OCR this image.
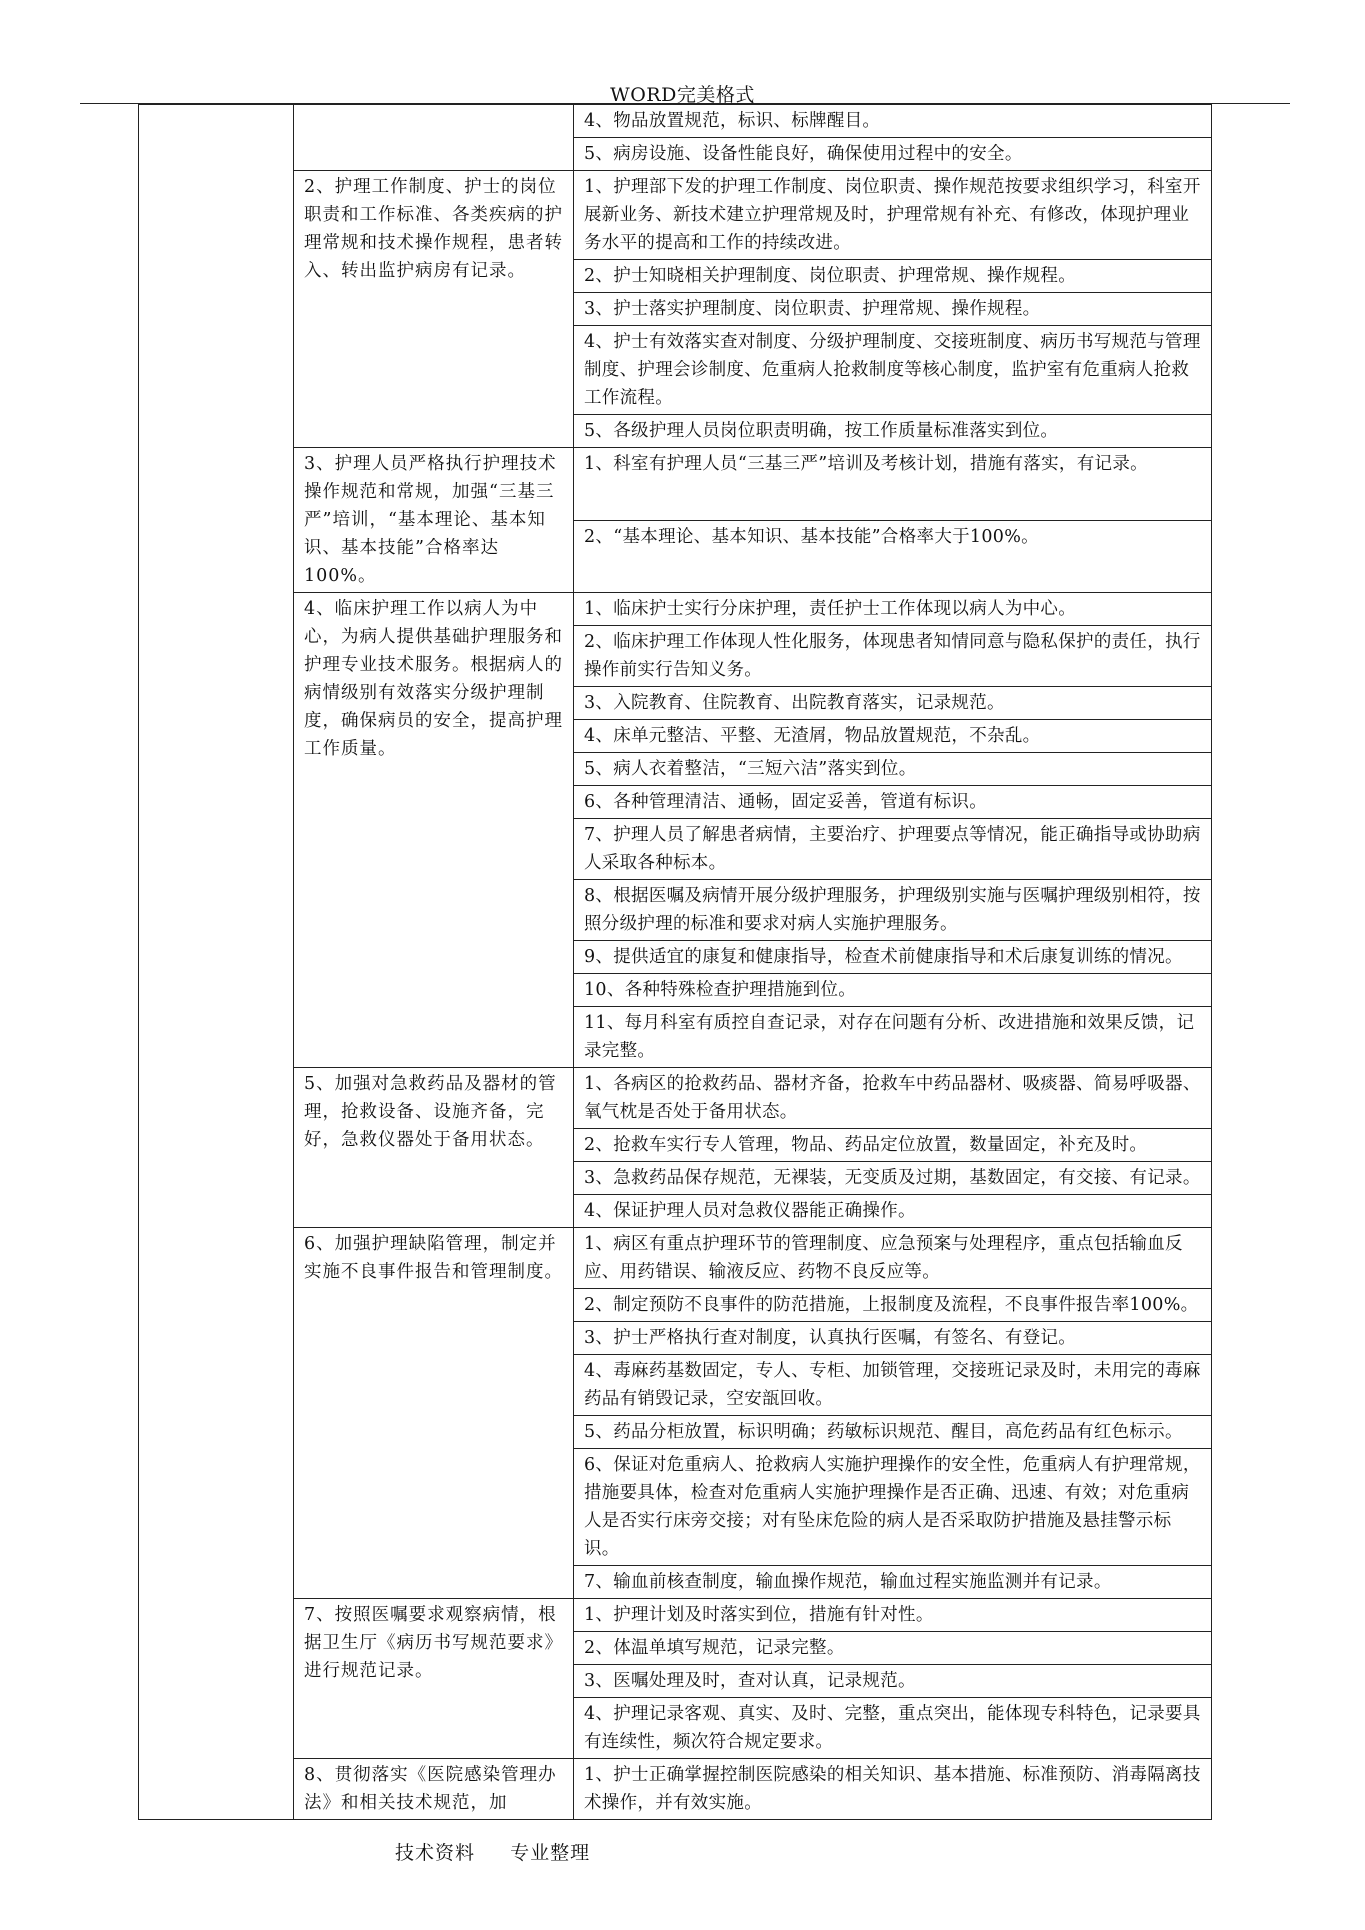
WORD完美格式
		4、物品放置规范，标识、标牌醒目。
		5、病房设施、设备性能良好，确保使用过程中的安全。
	2、护理工作制度、护士的岗位职责和工作标准、各类疾病的护理常规和技术操作规程，患者转入、转出监护病房有记录。	1、护理部下发的护理工作制度、岗位职责、操作规范按要求组织学习，科室开展新业务、新技术建立护理常规及时，护理常规有补充、有修改，体现护理业务水平的提高和工作的持续改进。
		2、护士知晓相关护理制度、岗位职责、护理常规、操作规程。
		3、护士落实护理制度、岗位职责、护理常规、操作规程。
		4、护士有效落实查对制度、分级护理制度、交接班制度、病历书写规范与管理制度、护理会诊制度、危重病人抢救制度等核心制度，监护室有危重病人抢救工作流程。
		5、各级护理人员岗位职责明确，按工作质量标准落实到位。
	3、护理人员严格执行护理技术操作规范和常规，加强“三基三严”培训，“基本理论、基本知识、基本技能”合格率达100%。	1、科室有护理人员“三基三严”培训及考核计划，措施有落实，有记录。
		2、“基本理论、基本知识、基本技能”合格率大于100%。
	4、临床护理工作以病人为中心，为病人提供基础护理服务和护理专业技术服务。根据病人的病情级别有效落实分级护理制度，确保病员的安全，提高护理工作质量。	1、临床护士实行分床护理，责任护士工作体现以病人为中心。
		2、临床护理工作体现人性化服务，体现患者知情同意与隐私保护的责任，执行操作前实行告知义务。
		3、入院教育、住院教育、出院教育落实，记录规范。
		4、床单元整洁、平整、无渣屑，物品放置规范，不杂乱。
		5、病人衣着整洁，“三短六洁”落实到位。
		6、各种管理清洁、通畅，固定妥善，管道有标识。
		7、护理人员了解患者病情，主要治疗、护理要点等情况，能正确指导或协助病人采取各种标本。
		8、根据医嘱及病情开展分级护理服务，护理级别实施与医嘱护理级别相符，按照分级护理的标准和要求对病人实施护理服务。
		9、提供适宜的康复和健康指导，检查术前健康指导和术后康复训练的情况。
		10、各种特殊检查护理措施到位。
		11、每月科室有质控自查记录，对存在问题有分析、改进措施和效果反馈，记录完整。
	5、加强对急救药品及器材的管理，抢救设备、设施齐备，完好，急救仪器处于备用状态。	1、各病区的抢救药品、器材齐备，抢救车中药品器材、吸痰器、简易呼吸器、氧气枕是否处于备用状态。
		2、抢救车实行专人管理，物品、药品定位放置，数量固定，补充及时。
		3、急救药品保存规范，无裸装，无变质及过期，基数固定，有交接、有记录。
		4、保证护理人员对急救仪器能正确操作。
	6、加强护理缺陷管理，制定并实施不良事件报告和管理制度。	1、病区有重点护理环节的管理制度、应急预案与处理程序，重点包括输血反应、用药错误、输液反应、药物不良反应等。
		2、制定预防不良事件的防范措施，上报制度及流程，不良事件报告率100%。
		3、护士严格执行查对制度，认真执行医嘱，有签名、有登记。
		4、毒麻药基数固定，专人、专柜、加锁管理，交接班记录及时，未用完的毒麻药品有销毁记录，空安瓿回收。
		5、药品分柜放置，标识明确；药敏标识规范、醒目，高危药品有红色标示。
		6、保证对危重病人、抢救病人实施护理操作的安全性，危重病人有护理常规，措施要具体，检查对危重病人实施护理操作是否正确、迅速、有效；对危重病人是否实行床旁交接；对有坠床危险的病人是否采取防护措施及悬挂警示标识。
		7、输血前核查制度，输血操作规范，输血过程实施监测并有记录。
	7、按照医嘱要求观察病情，根据卫生厅《病历书写规范要求》进行规范记录。	1、护理计划及时落实到位，措施有针对性。
		2、体温单填写规范，记录完整。
		3、医嘱处理及时，查对认真，记录规范。
		4、护理记录客观、真实、及时、完整，重点突出，能体现专科特色，记录要具有连续性，频次符合规定要求。
	8、贯彻落实《医院感染管理办法》和相关技术规范，加	1、护士正确掌握控制医院感染的相关知识、基本措施、标准预防、消毒隔离技术操作，并有效实施。
技术资料 专业整理
